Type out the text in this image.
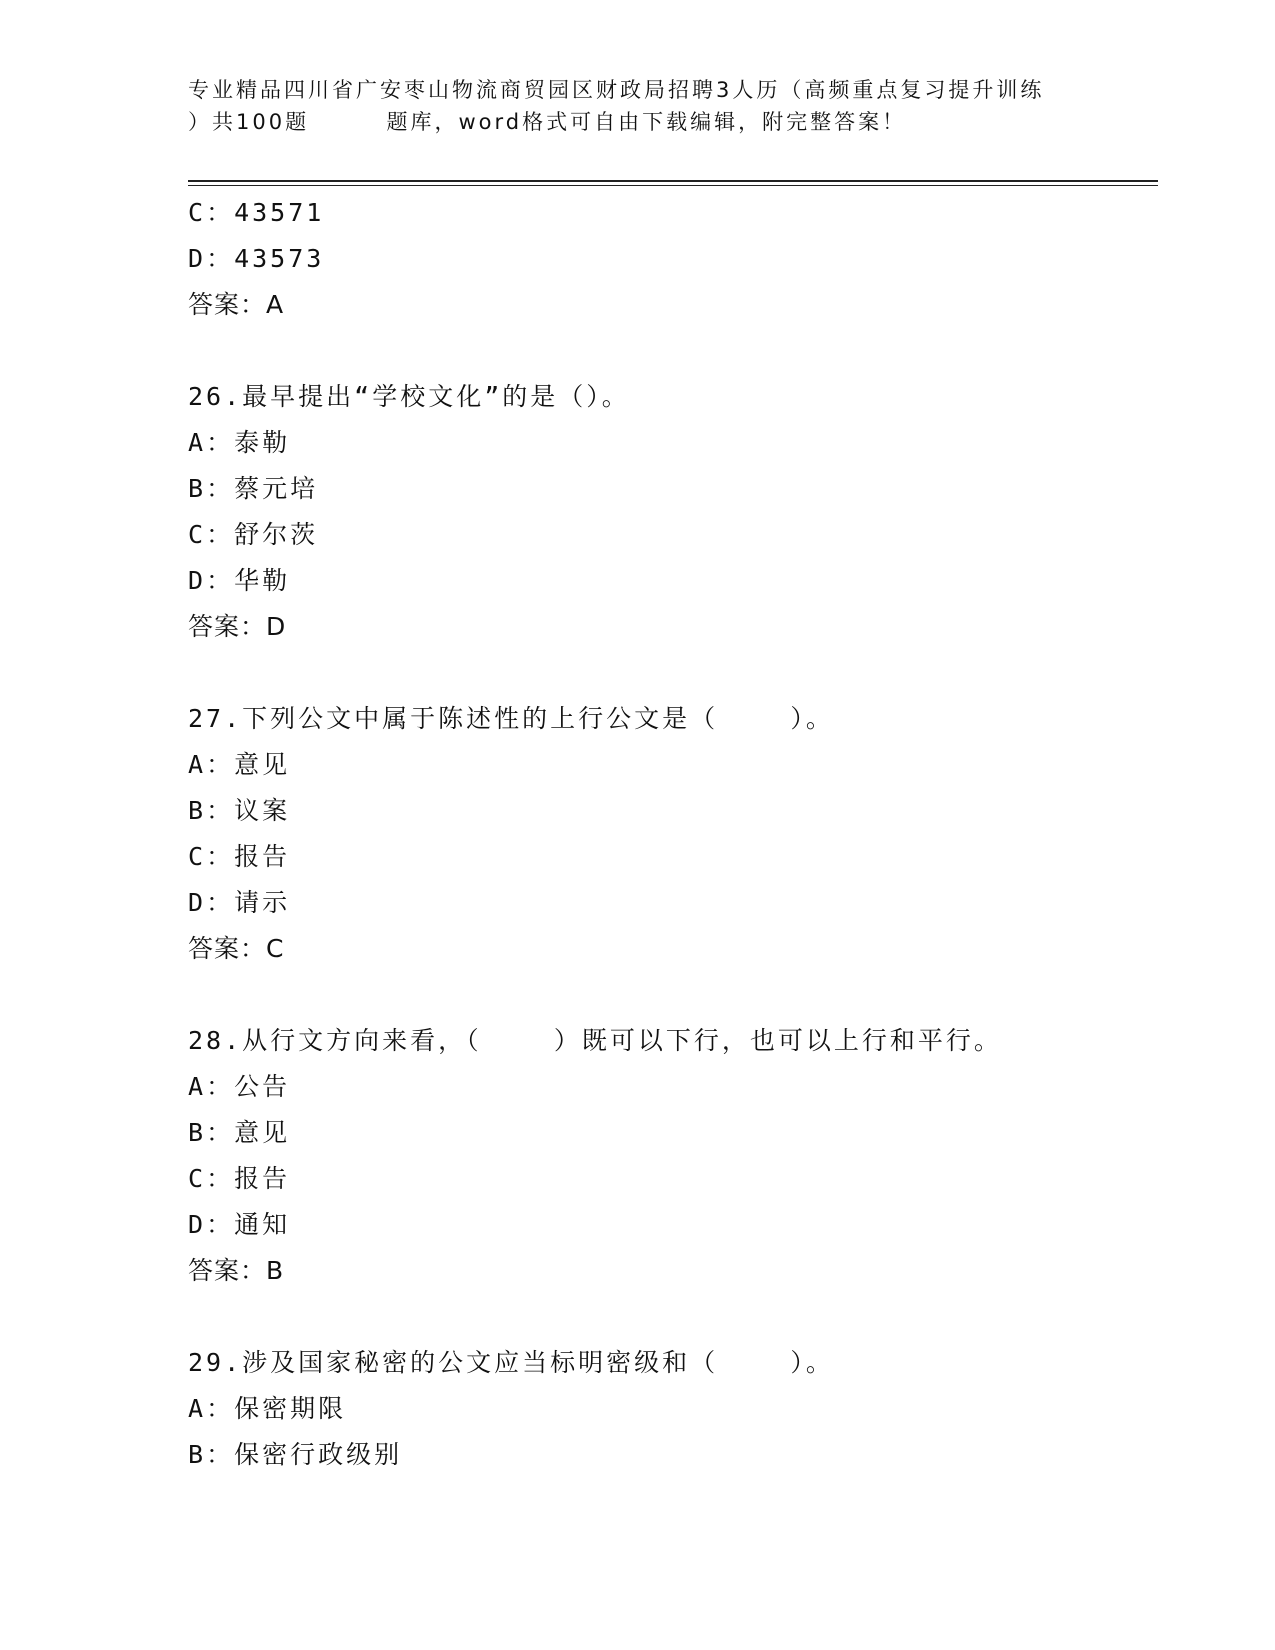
专业精品四川省广安枣山物流商贸园区财政局招聘3人历（高频重点复习提升训练
）共100题        题库，word格式可自由下载编辑，附完整答案！
C：43571
D：43573
答案：A
26.最早提出“学校文化”的是（）。
A：泰勒
B：蔡元培
C：舒尔茨
D：华勒
答案：D
27.下列公文中属于陈述性的上行公文是（    ）。
A：意见
B：议案
C：报告
D：请示
答案：C
28.从行文方向来看，（    ）既可以下行，也可以上行和平行。
A：公告
B：意见
C：报告
D：通知
答案：B
29.涉及国家秘密的公文应当标明密级和（    ）。
A：保密期限
B：保密行政级别
